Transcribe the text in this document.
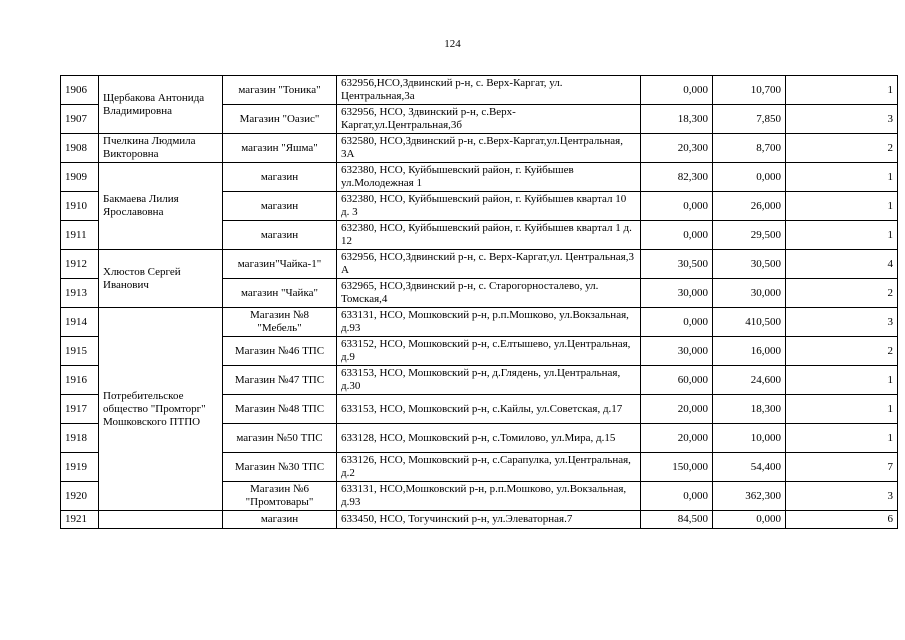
124
1906	Щербакова Антонида Владимировна	магазин "Тоника"	632956,НСО,Здвинский р-н, с. Верх-Каргат, ул. Центральная,3а	0,000	10,700	1
1907		Магазин "Оазис"	632956, НСО, Здвинский р-н, с.Верх-Каргат,ул.Центральная,3б	18,300	7,850	3
1908	Пчелкина Людмила Викторовна	магазин "Яшма"	632580, НСО,Здвинский р-н, с.Верх-Каргат,ул.Центральная, 3А	20,300	8,700	2
1909	Бакмаева Лилия Ярославовна	магазин	632380, НСО, Куйбышевский район, г. Куйбышев ул.Молодежная 1	82,300	0,000	1
1910		магазин	632380, НСО, Куйбышевский район, г. Куйбышев квартал 10 д. 3	0,000	26,000	1
1911		магазин	632380, НСО, Куйбышевский район, г. Куйбышев квартал 1 д. 12	0,000	29,500	1
1912	Хлюстов Сергей Иванович	магазин"Чайка-1"	632956, НСО,Здвинский р-н, с. Верх-Каргат,ул. Центральная,3 А	30,500	30,500	4
1913		магазин "Чайка"	632965, НСО,Здвинский р-н, с. Старогорносталево, ул. Томская,4	30,000	30,000	2
1914	Потребительское общество "Промторг" Мошковского ПТПО	Магазин №8 "Мебель"	633131, НСО, Мошковский р-н, р.п.Мошково, ул.Вокзальная, д.93	0,000	410,500	3
1915		Магазин №46 ТПС	633152, НСО, Мошковский р-н, с.Елтышево, ул.Центральная, д.9	30,000	16,000	2
1916		Магазин №47 ТПС	633153, НСО, Мошковский р-н, д.Глядень, ул.Центральная, д.30	60,000	24,600	1
1917		Магазин №48 ТПС	633153, НСО, Мошковский р-н, с.Кайлы, ул.Советская, д.17	20,000	18,300	1
1918		магазин №50 ТПС	633128, НСО, Мошковский р-н, с.Томилово, ул.Мира, д.15	20,000	10,000	1
1919		Магазин №30 ТПС	633126, НСО, Мошковский р-н, с.Сарапулка, ул.Центральная, д.2	150,000	54,400	7
1920		Магазин №6 "Промтовары"	633131, НСО,Мошковский р-н, р.п.Мошково, ул.Вокзальная, д.93	0,000	362,300	3
1921		магазин	633450, НСО, Тогучинский р-н, ул.Элеваторная.7	84,500	0,000	6
